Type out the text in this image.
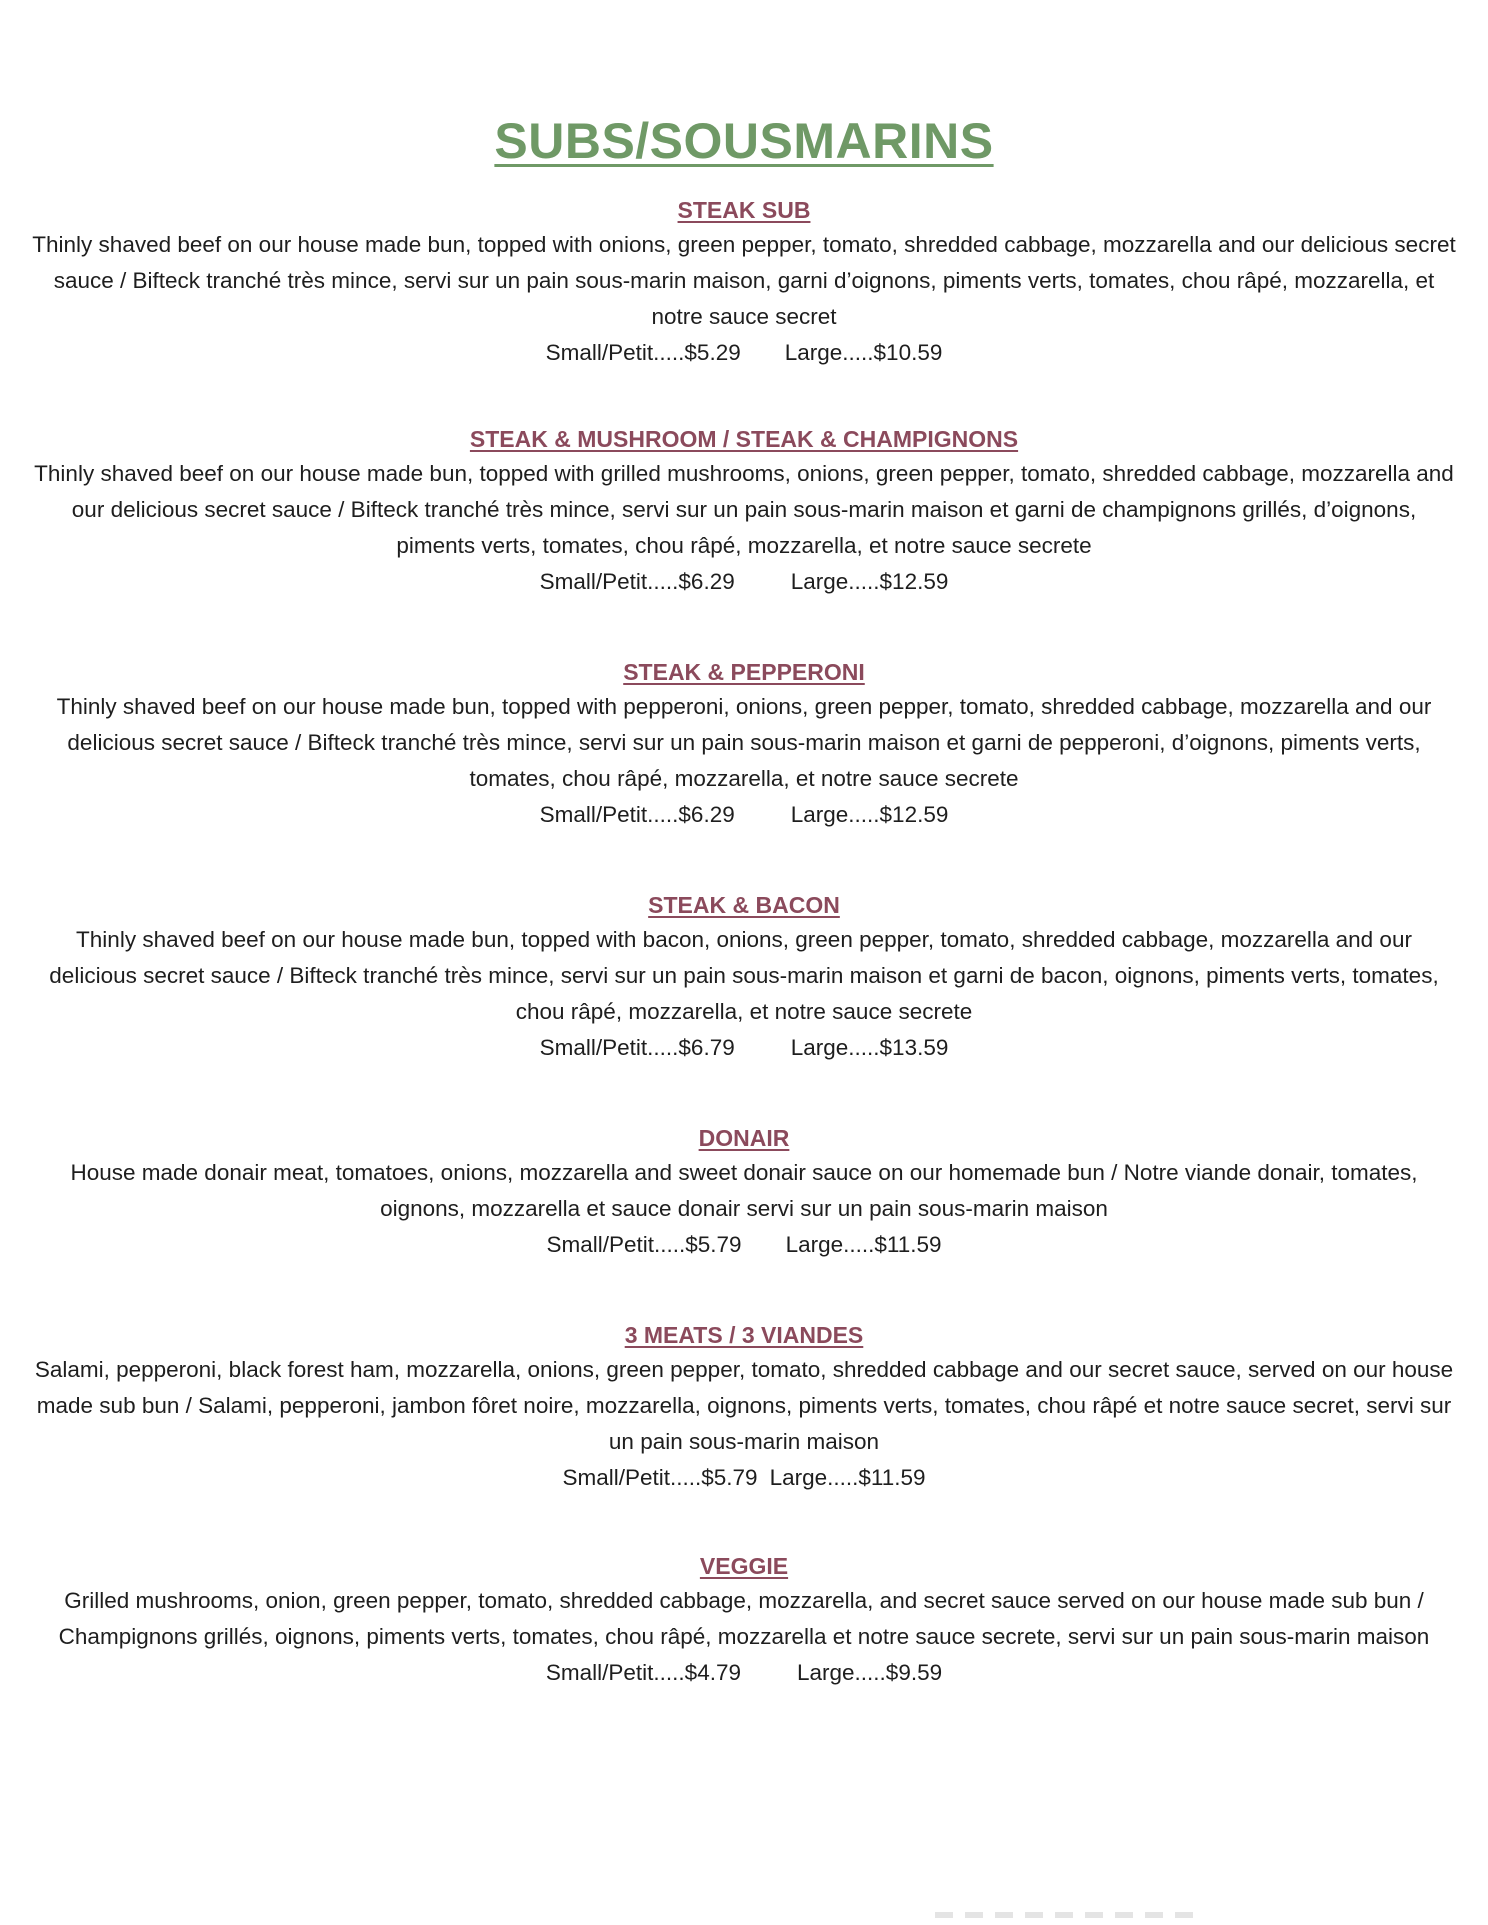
SUBS/SOUSMARINS
STEAK SUB

Thinly shaved beef on our house made bun, topped with onions, green pepper, tomato, shredded cabbage, mozzarella and our delicious secret sauce / Bifteck tranché très mince, servi sur un pain sous-marin maison, garni d’oignons, piments verts, tomates, chou râpé, mozzarella, et notre sauce secret

Small/Petit.....$5.29 Large.....$10.59

STEAK & MUSHROOM / STEAK & CHAMPIGNONS

Thinly shaved beef on our house made bun, topped with grilled mushrooms, onions, green pepper, tomato, shredded cabbage, mozzarella and our delicious secret sauce / Bifteck tranché très mince, servi sur un pain sous-marin maison et garni de champignons grillés, d’oignons, piments verts, tomates, chou râpé, mozzarella, et notre sauce secrete

Small/Petit.....$6.29 Large.....$12.59

STEAK & PEPPERONI

Thinly shaved beef on our house made bun, topped with pepperoni, onions, green pepper, tomato, shredded cabbage, mozzarella and our delicious secret sauce / Bifteck tranché très mince, servi sur un pain sous-marin maison et garni de pepperoni, d’oignons, piments verts, tomates, chou râpé, mozzarella, et notre sauce secrete

Small/Petit.....$6.29 Large.....$12.59

STEAK & BACON

Thinly shaved beef on our house made bun, topped with bacon, onions, green pepper, tomato, shredded cabbage, mozzarella and our delicious secret sauce / Bifteck tranché très mince, servi sur un pain sous-marin maison et garni de bacon, oignons, piments verts, tomates, chou râpé, mozzarella, et notre sauce secrete

Small/Petit.....$6.79 Large.....$13.59

DONAIR

House made donair meat, tomatoes, onions, mozzarella and sweet donair sauce on our homemade bun / Notre viande donair, tomates, oignons, mozzarella et sauce donair servi sur un pain sous-marin maison

Small/Petit.....$5.79 Large.....$11.59

3 MEATS / 3 VIANDES

Salami, pepperoni, black forest ham, mozzarella, onions, green pepper, tomato, shredded cabbage and our secret sauce, served on our house made sub bun / Salami, pepperoni, jambon fôret noire, mozzarella, oignons, piments verts, tomates, chou râpé et notre sauce secret, servi sur un pain sous-marin maison

Small/Petit.....$5.79 Large.....$11.59

VEGGIE

Grilled mushrooms, onion, green pepper, tomato, shredded cabbage, mozzarella, and secret sauce served on our house made sub bun / Champignons grillés, oignons, piments verts, tomates, chou râpé, mozzarella et notre sauce secrete, servi sur un pain sous-marin maison

Small/Petit.....$4.79 Large.....$9.59
